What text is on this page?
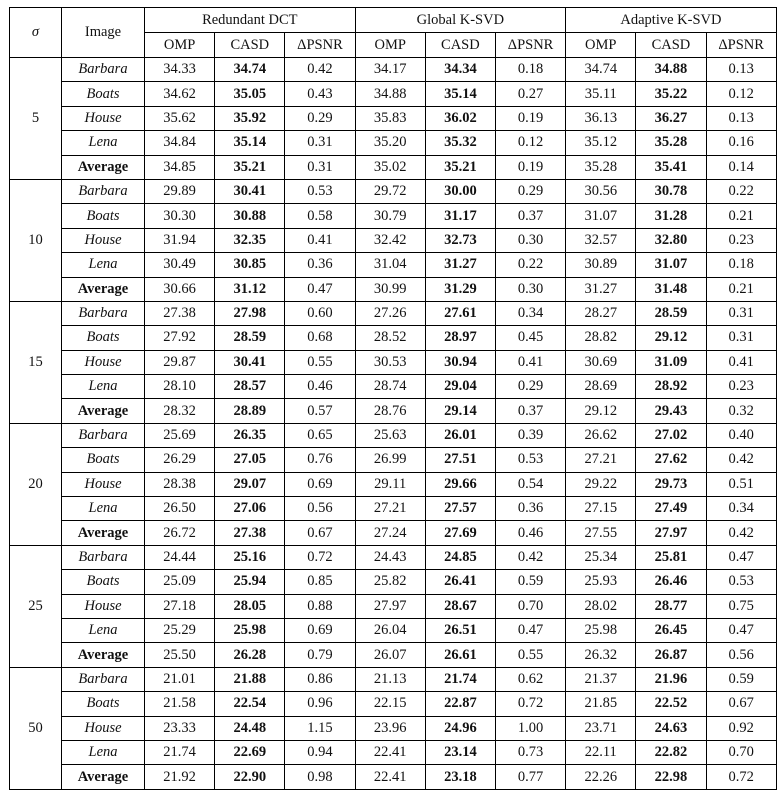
σ	Image	Redundant DCT			Global K-SVD			Adaptive K-SVD		
		OMP	CASD	ΔPSNR	OMP	CASD	ΔPSNR	OMP	CASD	ΔPSNR
5	Barbara	34.33	34.74	0.42	34.17	34.34	0.18	34.74	34.88	0.13
	Boats	34.62	35.05	0.43	34.88	35.14	0.27	35.11	35.22	0.12
	House	35.62	35.92	0.29	35.83	36.02	0.19	36.13	36.27	0.13
	Lena	34.84	35.14	0.31	35.20	35.32	0.12	35.12	35.28	0.16
	Average	34.85	35.21	0.31	35.02	35.21	0.19	35.28	35.41	0.14
10	Barbara	29.89	30.41	0.53	29.72	30.00	0.29	30.56	30.78	0.22
	Boats	30.30	30.88	0.58	30.79	31.17	0.37	31.07	31.28	0.21
	House	31.94	32.35	0.41	32.42	32.73	0.30	32.57	32.80	0.23
	Lena	30.49	30.85	0.36	31.04	31.27	0.22	30.89	31.07	0.18
	Average	30.66	31.12	0.47	30.99	31.29	0.30	31.27	31.48	0.21
15	Barbara	27.38	27.98	0.60	27.26	27.61	0.34	28.27	28.59	0.31
	Boats	27.92	28.59	0.68	28.52	28.97	0.45	28.82	29.12	0.31
	House	29.87	30.41	0.55	30.53	30.94	0.41	30.69	31.09	0.41
	Lena	28.10	28.57	0.46	28.74	29.04	0.29	28.69	28.92	0.23
	Average	28.32	28.89	0.57	28.76	29.14	0.37	29.12	29.43	0.32
20	Barbara	25.69	26.35	0.65	25.63	26.01	0.39	26.62	27.02	0.40
	Boats	26.29	27.05	0.76	26.99	27.51	0.53	27.21	27.62	0.42
	House	28.38	29.07	0.69	29.11	29.66	0.54	29.22	29.73	0.51
	Lena	26.50	27.06	0.56	27.21	27.57	0.36	27.15	27.49	0.34
	Average	26.72	27.38	0.67	27.24	27.69	0.46	27.55	27.97	0.42
25	Barbara	24.44	25.16	0.72	24.43	24.85	0.42	25.34	25.81	0.47
	Boats	25.09	25.94	0.85	25.82	26.41	0.59	25.93	26.46	0.53
	House	27.18	28.05	0.88	27.97	28.67	0.70	28.02	28.77	0.75
	Lena	25.29	25.98	0.69	26.04	26.51	0.47	25.98	26.45	0.47
	Average	25.50	26.28	0.79	26.07	26.61	0.55	26.32	26.87	0.56
50	Barbara	21.01	21.88	0.86	21.13	21.74	0.62	21.37	21.96	0.59
	Boats	21.58	22.54	0.96	22.15	22.87	0.72	21.85	22.52	0.67
	House	23.33	24.48	1.15	23.96	24.96	1.00	23.71	24.63	0.92
	Lena	21.74	22.69	0.94	22.41	23.14	0.73	22.11	22.82	0.70
	Average	21.92	22.90	0.98	22.41	23.18	0.77	22.26	22.98	0.72
